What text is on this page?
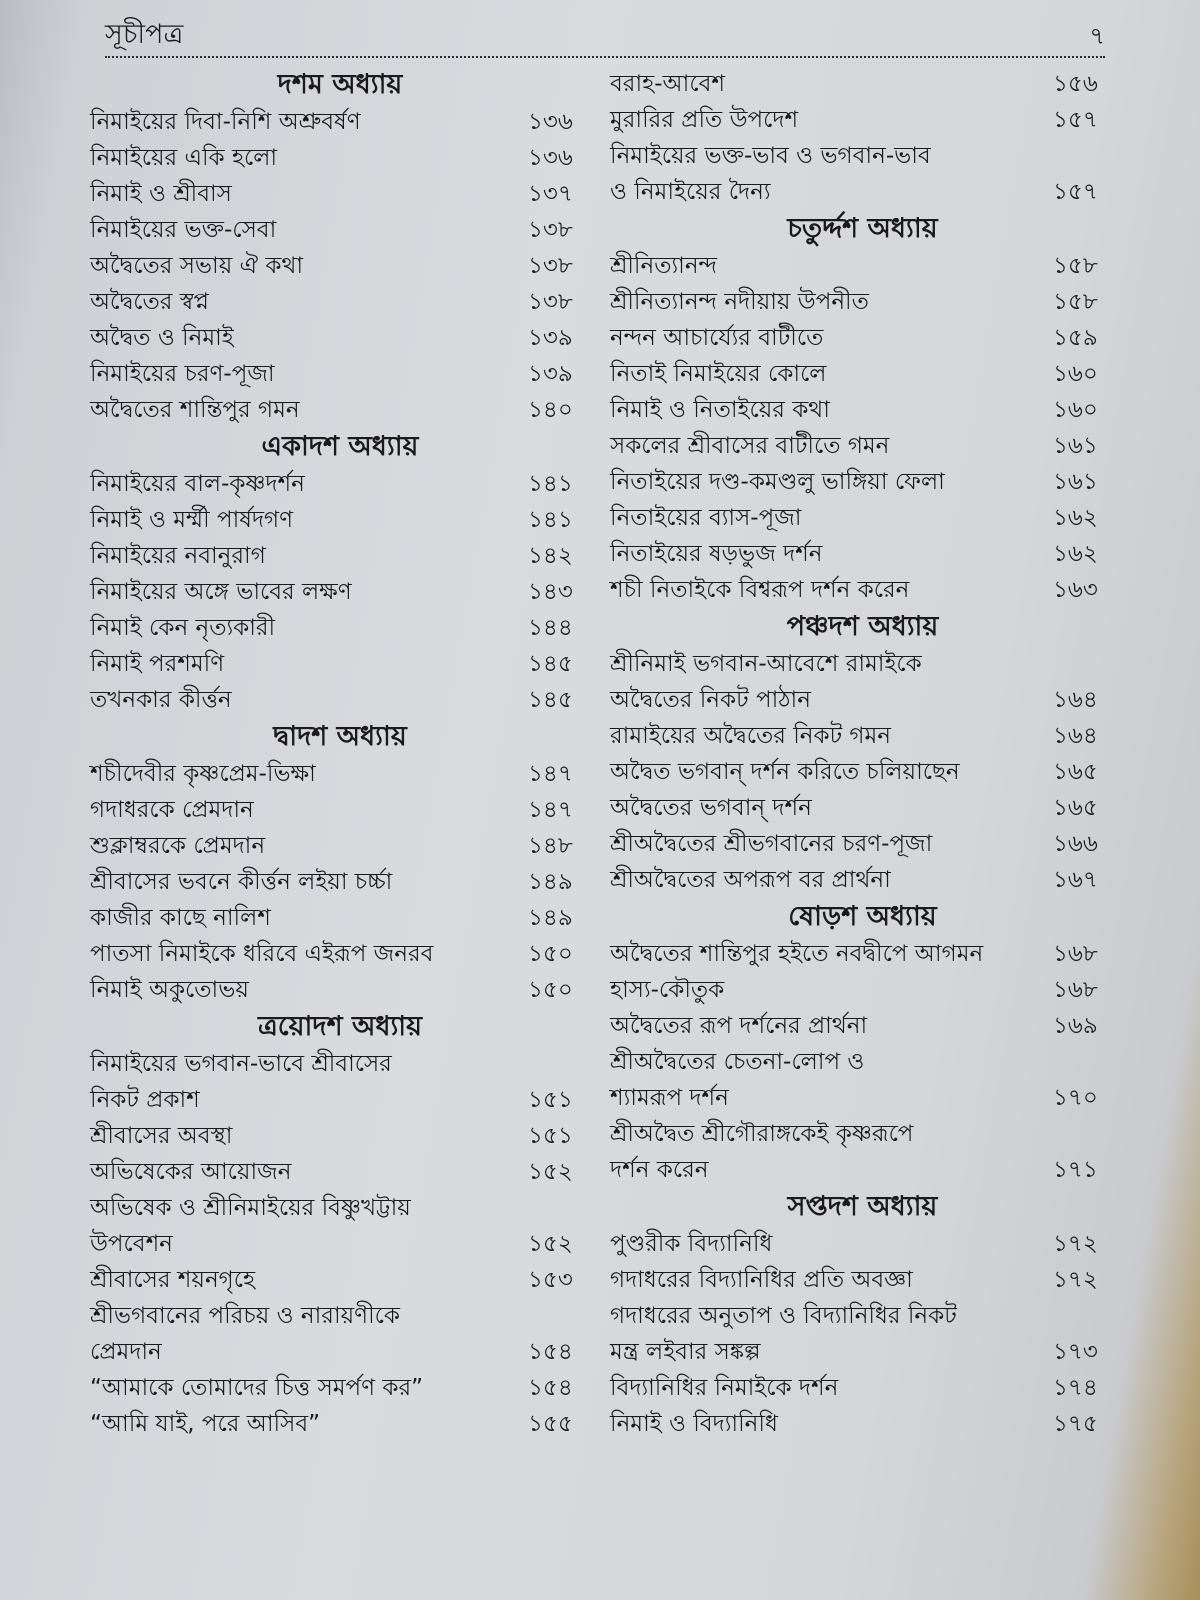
সূচীপত্র	৭
দশম অধ্যায়
নিমাইয়ের দিবা-নিশি অশ্রুবর্ষণ	১৩৬
নিমাইয়ের একি হলো	১৩৬
নিমাই ও শ্রীবাস	১৩৭
নিমাইয়ের ভক্ত-সেবা	১৩৮
অদ্বৈতের সভায় ঐ কথা	১৩৮
অদ্বৈতের স্বপ্ন	১৩৮
অদ্বৈত ও নিমাই	১৩৯
নিমাইয়ের চরণ-পূজা	১৩৯
অদ্বৈতের শান্তিপুর গমন	১৪০
একাদশ অধ্যায়
নিমাইয়ের বাল-কৃষ্ণদর্শন	১৪১
নিমাই ও মর্ম্মী পার্ষদগণ	১৪১
নিমাইয়ের নবানুরাগ	১৪২
নিমাইয়ের অঙ্গে ভাবের লক্ষণ	১৪৩
নিমাই কেন নৃত্যকারী	১৪৪
নিমাই পরশমণি	১৪৫
তখনকার কীর্ত্তন	১৪৫
দ্বাদশ অধ্যায়
শচীদেবীর কৃষ্ণপ্রেম-ভিক্ষা	১৪৭
গদাধরকে প্রেমদান	১৪৭
শুক্লাম্বরকে প্রেমদান	১৪৮
শ্রীবাসের ভবনে কীর্ত্তন লইয়া চর্চ্চা	১৪৯
কাজীর কাছে নালিশ	১৪৯
পাতসা নিমাইকে ধরিবে এইরূপ জনরব	১৫০
নিমাই অকুতোভয়	১৫০
ত্রয়োদশ অধ্যায়
নিমাইয়ের ভগবান-ভাবে শ্রীবাসের
নিকট প্রকাশ	১৫১
শ্রীবাসের অবস্থা	১৫১
অভিষেকের আয়োজন	১৫২
অভিষেক ও শ্রীনিমাইয়ের বিষ্ণুখট্টায়
উপবেশন	১৫২
শ্রীবাসের শয়নগৃহে	১৫৩
শ্রীভগবানের পরিচয় ও নারায়ণীকে
প্রেমদান	১৫৪
“আমাকে তোমাদের চিত্ত সমর্পণ কর”	১৫৪
“আমি যাই, পরে আসিব”	১৫৫
বরাহ-আবেশ	১৫৬
মুরারির প্রতি উপদেশ	১৫৭
নিমাইয়ের ভক্ত-ভাব ও ভগবান-ভাব
ও নিমাইয়ের দৈন্য	১৫৭
চতুর্দ্দশ অধ্যায়
শ্রীনিত্যানন্দ	১৫৮
শ্রীনিত্যানন্দ নদীয়ায় উপনীত	১৫৮
নন্দন আচার্য্যের বাটীতে	১৫৯
নিতাই নিমাইয়ের কোলে	১৬০
নিমাই ও নিতাইয়ের কথা	১৬০
সকলের শ্রীবাসের বাটীতে গমন	১৬১
নিতাইয়ের দণ্ড-কমণ্ডলু ভাঙ্গিয়া ফেলা	১৬১
নিতাইয়ের ব্যাস-পূজা	১৬২
নিতাইয়ের ষড়ভুজ দর্শন	১৬২
শচী নিতাইকে বিশ্বরূপ দর্শন করেন	১৬৩
পঞ্চদশ অধ্যায়
শ্রীনিমাই ভগবান-আবেশে রামাইকে
অদ্বৈতের নিকট পাঠান	১৬৪
রামাইয়ের অদ্বৈতের নিকট গমন	১৬৪
অদ্বৈত ভগবান্ দর্শন করিতে চলিয়াছেন	১৬৫
অদ্বৈতের ভগবান্ দর্শন	১৬৫
শ্রীঅদ্বৈতের শ্রীভগবানের চরণ-পূজা	১৬৬
শ্রীঅদ্বৈতের অপরূপ বর প্রার্থনা	১৬৭
ষোড়শ অধ্যায়
অদ্বৈতের শান্তিপুর হইতে নবদ্বীপে আগমন	১৬৮
হাস্য-কৌতুক	১৬৮
অদ্বৈতের রূপ দর্শনের প্রার্থনা	১৬৯
শ্রীঅদ্বৈতের চেতনা-লোপ ও
শ্যামরূপ দর্শন	১৭০
শ্রীঅদ্বৈত শ্রীগৌরাঙ্গকেই কৃষ্ণরূপে
দর্শন করেন	১৭১
সপ্তদশ অধ্যায়
পুণ্ডরীক বিদ্যানিধি	১৭২
গদাধরের বিদ্যানিধির প্রতি অবজ্ঞা	১৭২
গদাধরের অনুতাপ ও বিদ্যানিধির নিকট
মন্ত্র লইবার সঙ্কল্প	১৭৩
বিদ্যানিধির নিমাইকে দর্শন	১৭৪
নিমাই ও বিদ্যানিধি	১৭৫
